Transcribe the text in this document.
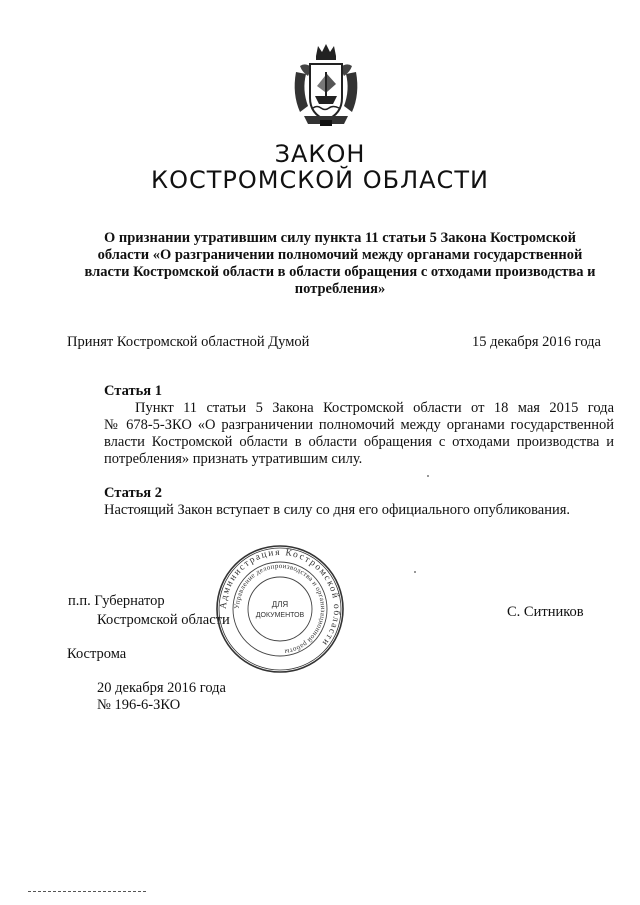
ЗАКОН
КОСТРОМСКОЙ ОБЛАСТИ
О признании утратившим силу пункта 11 статьи 5 Закона Костромской
области «О разграничении полномочий между органами государственной
власти Костромской области в области обращения с отходами производства и
потребления»
Принят Костромской областной Думой	15 декабря 2016 года
Статья 1
Пункт 11 статьи 5 Закона Костромской области от 18 мая 2015 года
№ 678-5-ЗКО «О разграничении полномочий между органами государственной
власти Костромской области в области обращения с отходами производства и
потребления» признать утратившим силу.
Статья 2
Настоящий Закон вступает в силу со дня его официального опубликования.
п.п. Губернатор
Костромской области	С. Ситников
Администрация Костромской области
Управление делопроизводства и организационной работы
ДЛЯ
ДОКУМЕНТОВ
Кострома
20 декабря 2016 года
№ 196-6-ЗКО
